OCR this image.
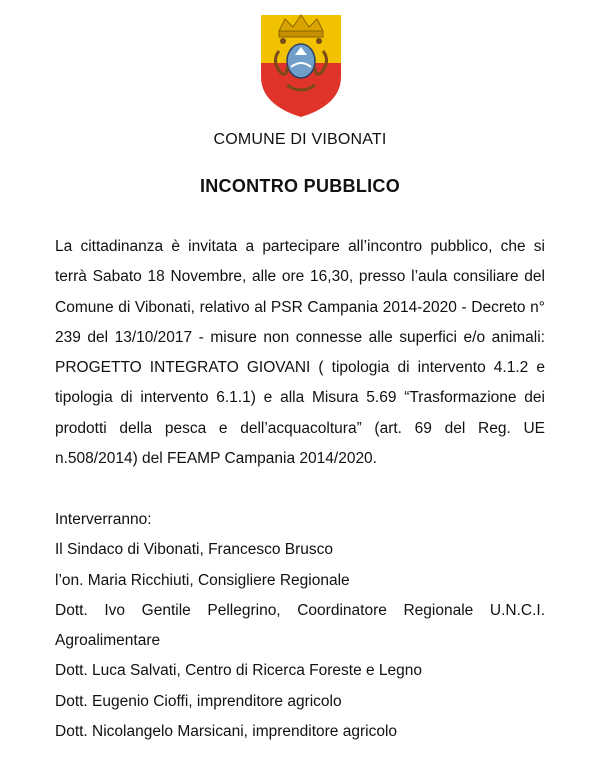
COMUNE DI VIBONATI
INCONTRO PUBBLICO
La cittadinanza è invitata a partecipare all’incontro pubblico, che si terrà Sabato 18 Novembre, alle ore 16,30, presso l’aula consiliare del Comune di Vibonati, relativo al PSR Campania 2014-2020 - Decreto n° 239 del 13/10/2017 - misure non connesse alle superfici e/o animali: PROGETTO INTEGRATO GIOVANI ( tipologia di intervento 4.1.2 e tipologia di intervento 6.1.1) e alla Misura 5.69 “Trasformazione dei prodotti della pesca e dell’acquacoltura” (art. 69 del Reg. UE n.508/2014) del FEAMP Campania 2014/2020.
Interverranno:
Il Sindaco di Vibonati, Francesco Brusco
l’on. Maria Ricchiuti, Consigliere Regionale
Dott. Ivo Gentile Pellegrino, Coordinatore Regionale U.N.C.I. Agroalimentare
Dott. Luca Salvati, Centro di Ricerca Foreste e Legno
Dott. Eugenio Cioffi, imprenditore agricolo
Dott. Nicolangelo Marsicani, imprenditore agricolo
